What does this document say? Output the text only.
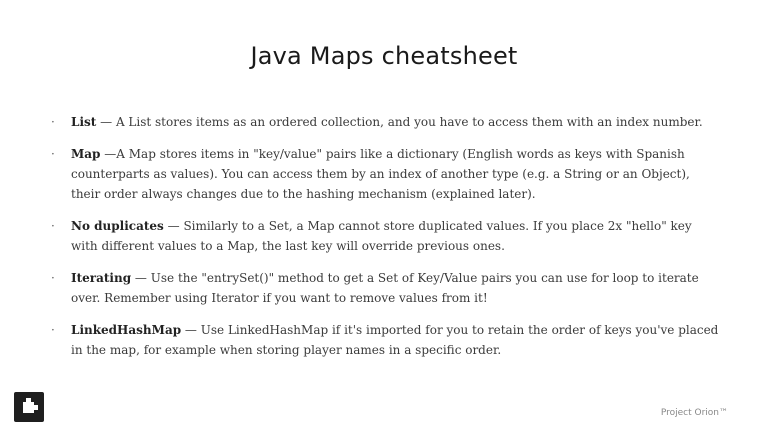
Java Maps cheatsheet
· List — A List stores items as an ordered collection, and you have to access them with an index number.
· Map —A Map stores items in "key/value" pairs like a dictionary (English words as keys with Spanish counterparts as values). You can access them by an index of another type (e.g. a String or an Object), their order always changes due to the hashing mechanism (explained later).
· No duplicates — Similarly to a Set, a Map cannot store duplicated values. If you place 2x "hello" key with different values to a Map, the last key will override previous ones.
· Iterating — Use the "entrySet()" method to get a Set of Key/Value pairs you can use for loop to iterate over. Remember using Iterator if you want to remove values from it!
· LinkedHashMap — Use LinkedHashMap if it's imported for you to retain the order of keys you've placed in the map, for example when storing player names in a specific order.
Project Orion™
